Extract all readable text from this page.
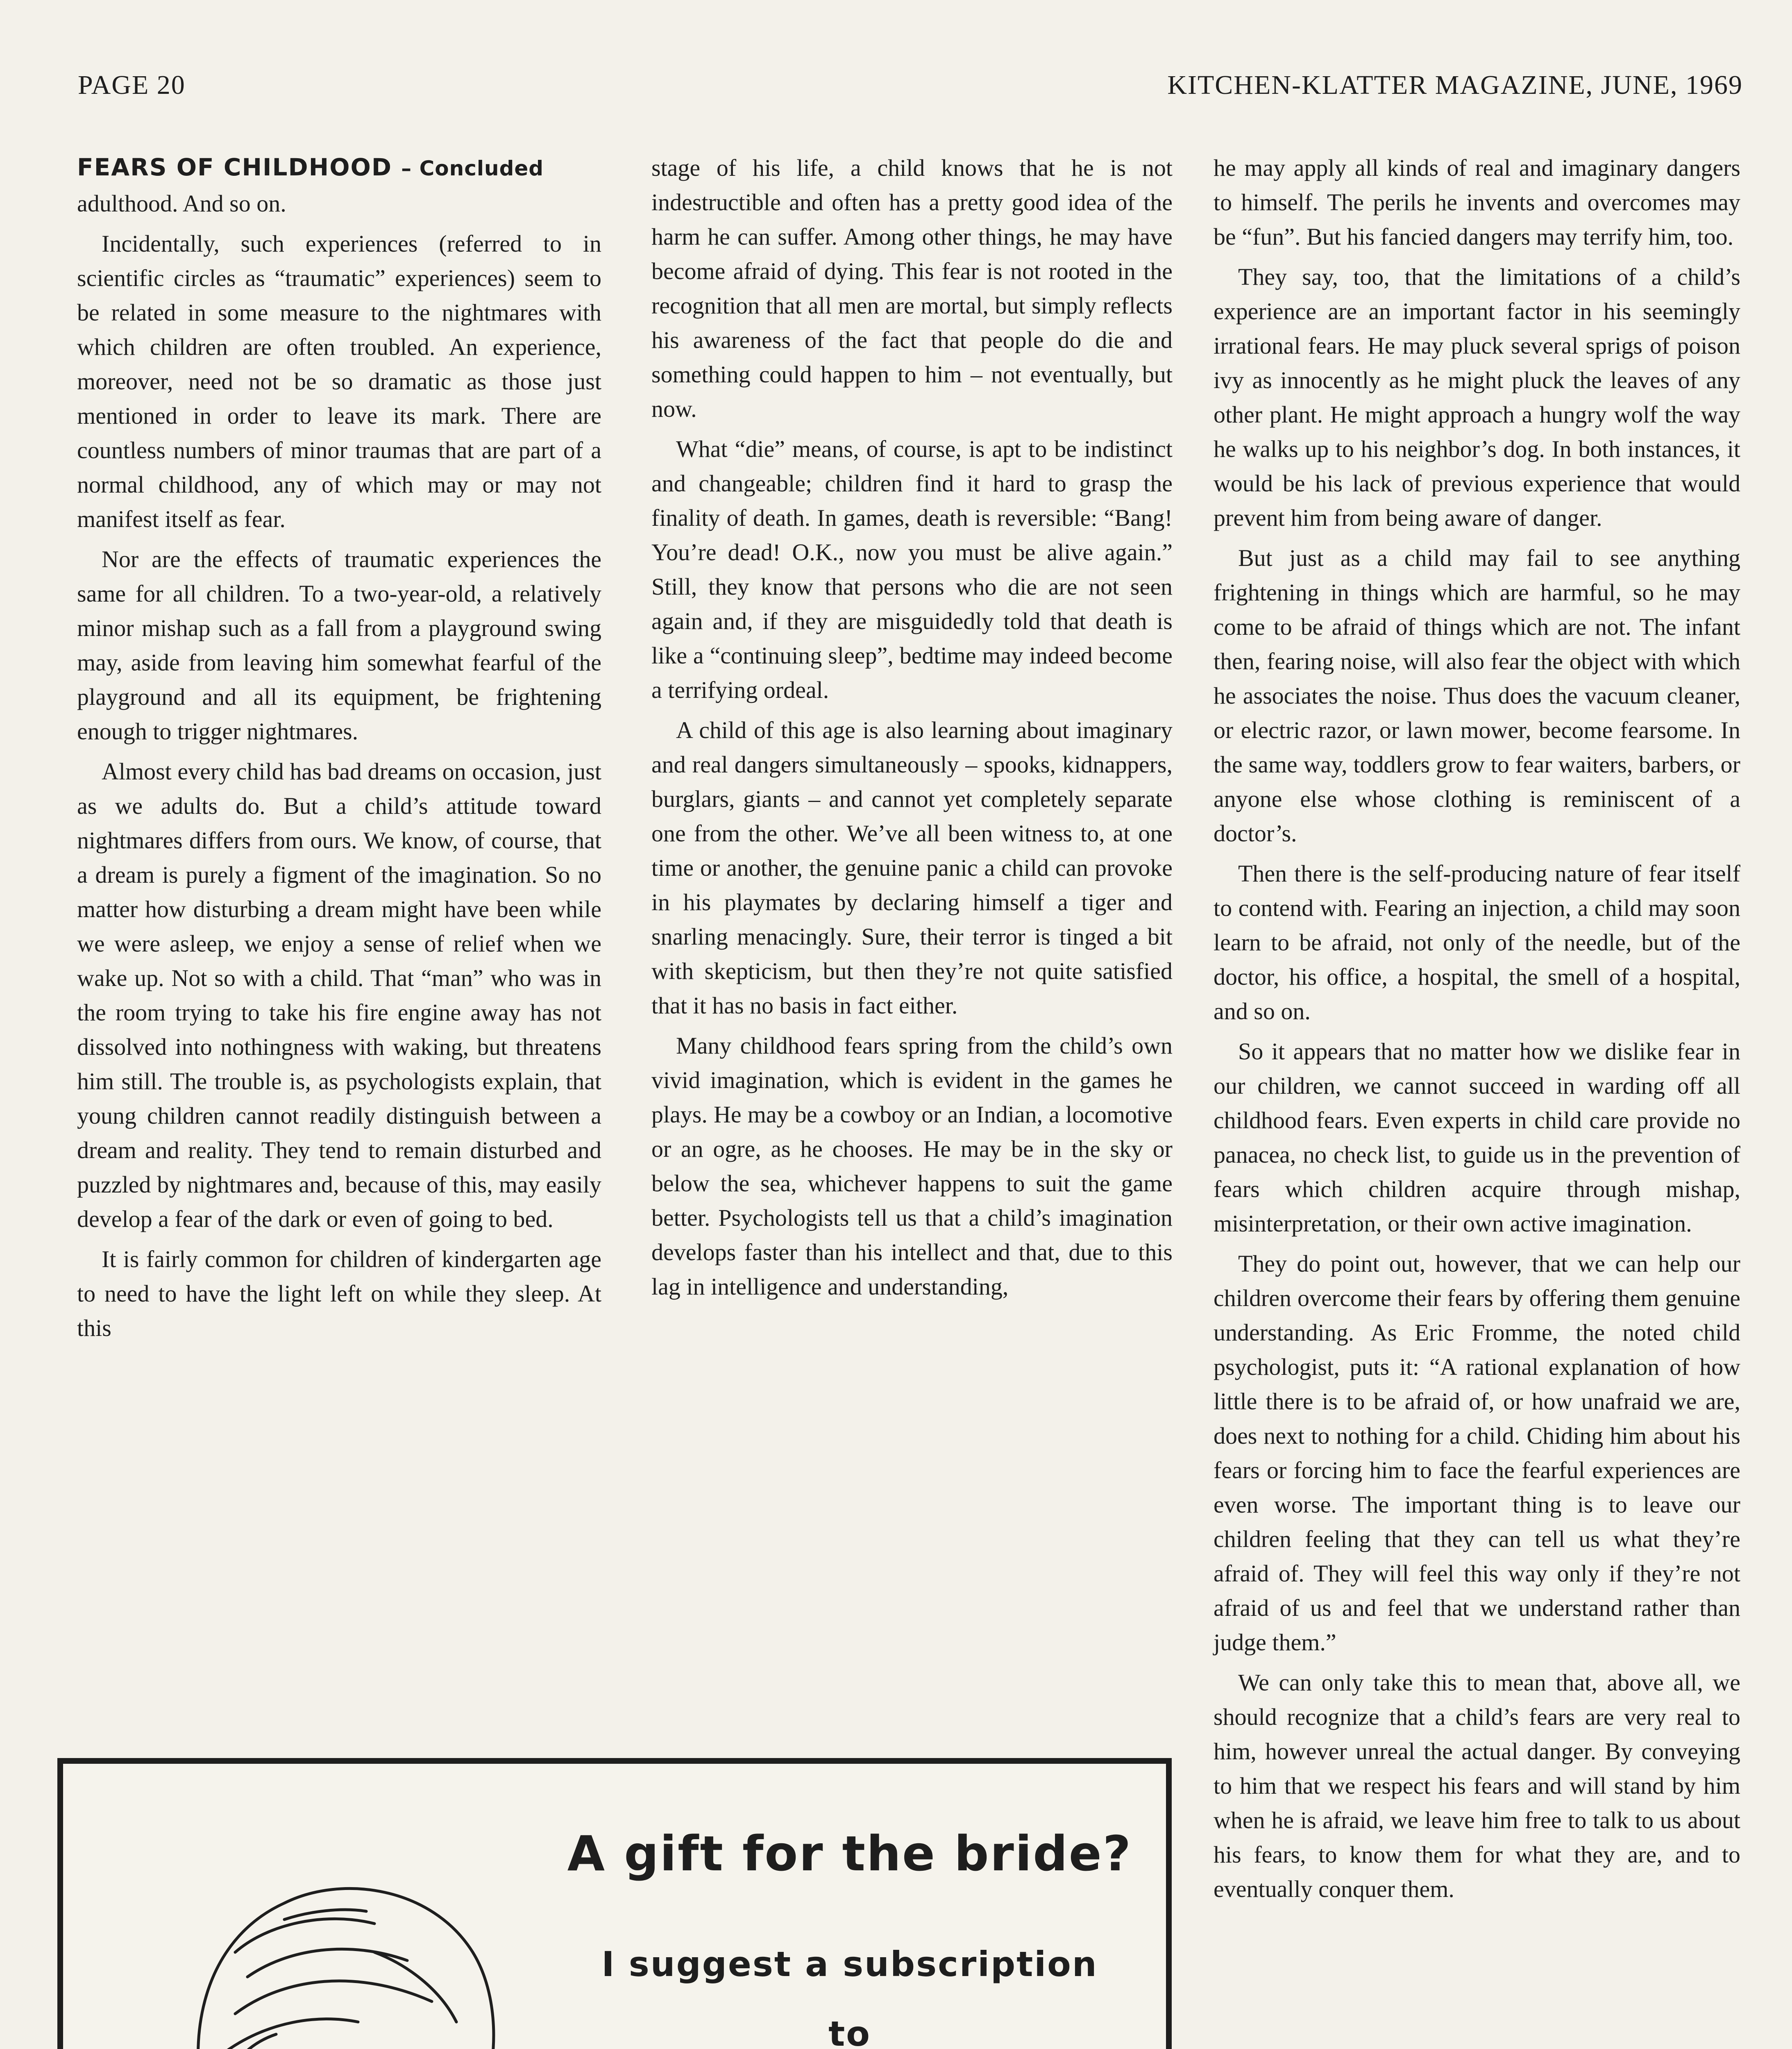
PAGE 20	KITCHEN-KLATTER MAGAZINE, JUNE, 1969
FEARS OF CHILDHOOD – Concluded

adulthood. And so on.

Incidentally, such experiences (referred to in scientific circles as “traumatic” experiences) seem to be related in some measure to the nightmares with which children are often troubled. An experience, moreover, need not be so dramatic as those just mentioned in order to leave its mark. There are countless numbers of minor traumas that are part of a normal childhood, any of which may or may not manifest itself as fear.

Nor are the effects of traumatic experiences the same for all children. To a two-year-old, a relatively minor mishap such as a fall from a playground swing may, aside from leaving him somewhat fearful of the playground and all its equipment, be frightening enough to trigger nightmares.

Almost every child has bad dreams on occasion, just as we adults do. But a child’s attitude toward nightmares differs from ours. We know, of course, that a dream is purely a figment of the imagination. So no matter how disturbing a dream might have been while we were asleep, we enjoy a sense of relief when we wake up. Not so with a child. That “man” who was in the room trying to take his fire engine away has not dissolved into nothingness with waking, but threatens him still. The trouble is, as psychologists explain, that young children cannot readily distinguish between a dream and reality. They tend to remain disturbed and puzzled by nightmares and, because of this, may easily develop a fear of the dark or even of going to bed.

It is fairly common for children of kindergarten age to need to have the light left on while they sleep. At this

stage of his life, a child knows that he is not indestructible and often has a pretty good idea of the harm he can suffer. Among other things, he may have become afraid of dying. This fear is not rooted in the recognition that all men are mortal, but simply reflects his awareness of the fact that people do die and something could happen to him – not eventually, but now.

What “die” means, of course, is apt to be indistinct and changeable; children find it hard to grasp the finality of death. In games, death is reversible: “Bang! You’re dead! O.K., now you must be alive again.” Still, they know that persons who die are not seen again and, if they are misguidedly told that death is like a “continuing sleep”, bedtime may indeed become a terrifying ordeal.

A child of this age is also learning about imaginary and real dangers simultaneously – spooks, kidnappers, burglars, giants – and cannot yet completely separate one from the other. We’ve all been witness to, at one time or another, the genuine panic a child can provoke in his playmates by declaring himself a tiger and snarling menacingly. Sure, their terror is tinged a bit with skepticism, but then they’re not quite satisfied that it has no basis in fact either.

Many childhood fears spring from the child’s own vivid imagination, which is evident in the games he plays. He may be a cowboy or an Indian, a locomotive or an ogre, as he chooses. He may be in the sky or below the sea, whichever happens to suit the game better. Psychologists tell us that a child’s imagination develops faster than his intellect and that, due to this lag in intelligence and understanding,

he may apply all kinds of real and imaginary dangers to himself. The perils he invents and overcomes may be “fun”. But his fancied dangers may terrify him, too.

They say, too, that the limitations of a child’s experience are an important factor in his seemingly irrational fears. He may pluck several sprigs of poison ivy as innocently as he might pluck the leaves of any other plant. He might approach a hungry wolf the way he walks up to his neighbor’s dog. In both instances, it would be his lack of previous experience that would prevent him from being aware of danger.

But just as a child may fail to see anything frightening in things which are harmful, so he may come to be afraid of things which are not. The infant then, fearing noise, will also fear the object with which he associates the noise. Thus does the vacuum cleaner, or electric razor, or lawn mower, become fearsome. In the same way, toddlers grow to fear waiters, barbers, or anyone else whose clothing is reminiscent of a doctor’s.

Then there is the self-producing nature of fear itself to contend with. Fearing an injection, a child may soon learn to be afraid, not only of the needle, but of the doctor, his office, a hospital, the smell of a hospital, and so on.

So it appears that no matter how we dislike fear in our children, we cannot succeed in warding off all childhood fears. Even experts in child care provide no panacea, no check list, to guide us in the prevention of fears which children acquire through mishap, misinterpretation, or their own active imagination.

They do point out, however, that we can help our children overcome their fears by offering them genuine understanding. As Eric Fromme, the noted child psychologist, puts it: “A rational explanation of how little there is to be afraid of, or how unafraid we are, does next to nothing for a child. Chiding him about his fears or forcing him to face the fearful experiences are even worse. The important thing is to leave our children feeling that they can tell us what they’re afraid of. They will feel this way only if they’re not afraid of us and feel that we understand rather than judge them.”

We can only take this to mean that, above all, we should recognize that a child’s fears are very real to him, however unreal the actual danger. By conveying to him that we respect his fears and will stand by him when he is afraid, we leave him free to talk to us about his fears, to know them for what they are, and to eventually conquer them.

A gift for the bride?
I suggest a subscription
to
